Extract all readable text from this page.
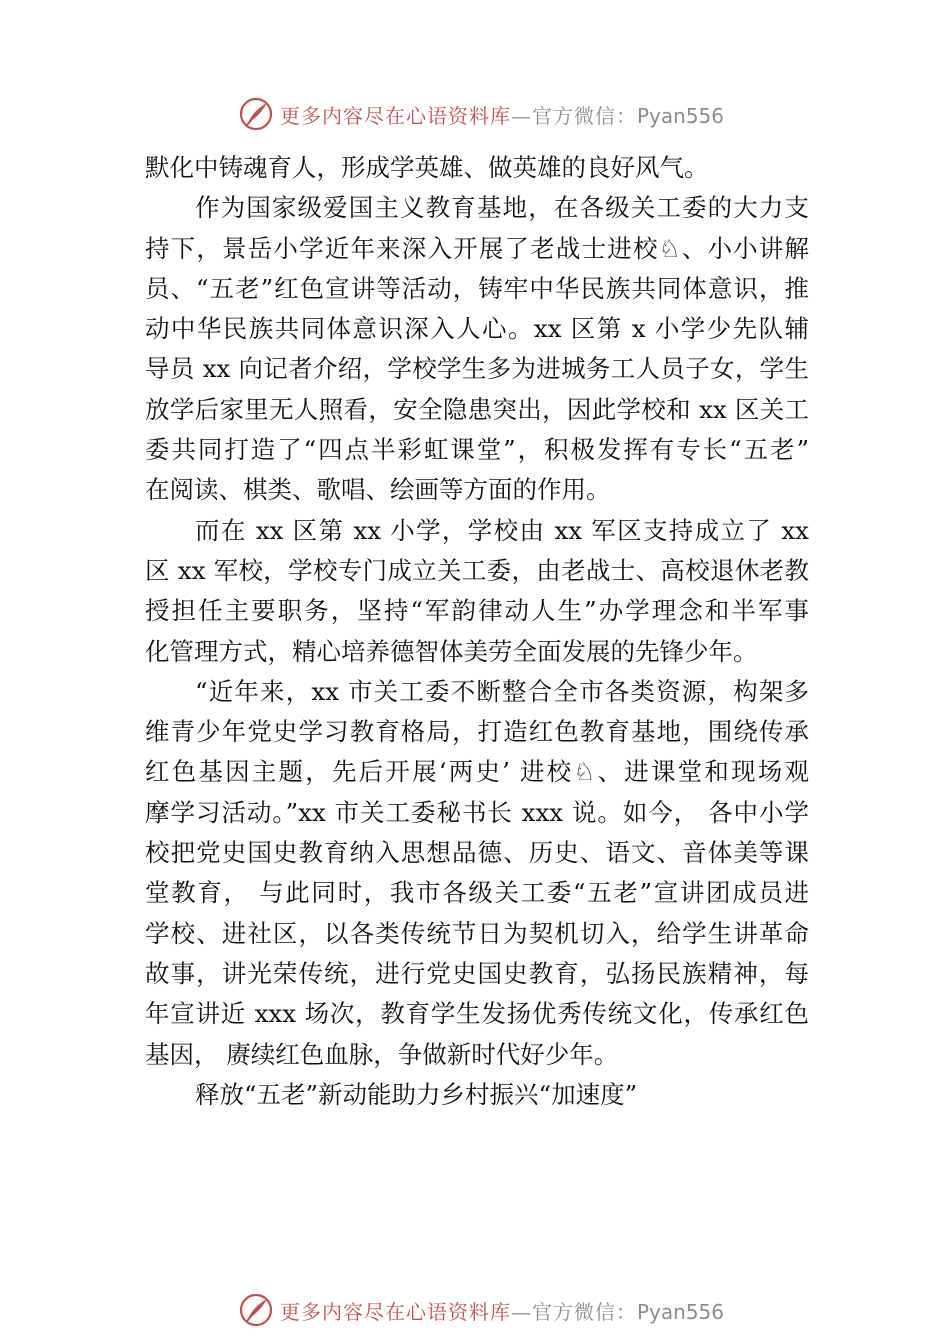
更多内容尽在心语资料库—官方微信：Pyan556
默化中铸魂育人，形成学英雄、做英雄的良好风气。
作为国家级爱国主义教育基地，在各级关工委的大力支
持下，景岳小学近年来深入开展了老战士进校♘、小小讲解
员、“五老”红色宣讲等活动，铸牢中华民族共同体意识，推
动中华民族共同体意识深入人心。xx 区第 x 小学少先队辅
导员 xx 向记者介绍，学校学生多为进城务工人员子女，学生
放学后家里无人照看，安全隐患突出，因此学校和 xx 区关工
委共同打造了“四点半彩虹课堂”，积极发挥有专长“五老”
在阅读、棋类、歌唱、绘画等方面的作用。
而在 xx 区第 xx 小学，学校由 xx 军区支持成立了 xx
区 xx 军校，学校专门成立关工委，由老战士、高校退休老教
授担任主要职务，坚持“军韵律动人生”办学理念和半军事
化管理方式，精心培养德智体美劳全面发展的先锋少年。
“近年来，xx 市关工委不断整合全市各类资源，构架多
维青少年党史学习教育格局，打造红色教育基地，围绕传承
红色基因主题，先后开展‘两史’ 进校♘、进课堂和现场观
摩学习活动。”xx 市关工委秘书长 xxx 说。如今， 各中小学
校把党史国史教育纳入思想品德、历史、语文、音体美等课
堂教育， 与此同时，我市各级关工委“五老”宣讲团成员进
学校、进社区，以各类传统节日为契机切入，给学生讲革命
故事，讲光荣传统，进行党史国史教育，弘扬民族精神，每
年宣讲近 xxx 场次，教育学生发扬优秀传统文化，传承红色
基因， 赓续红色血脉，争做新时代好少年。
释放“五老”新动能助力乡村振兴“加速度”
更多内容尽在心语资料库—官方微信：Pyan556
